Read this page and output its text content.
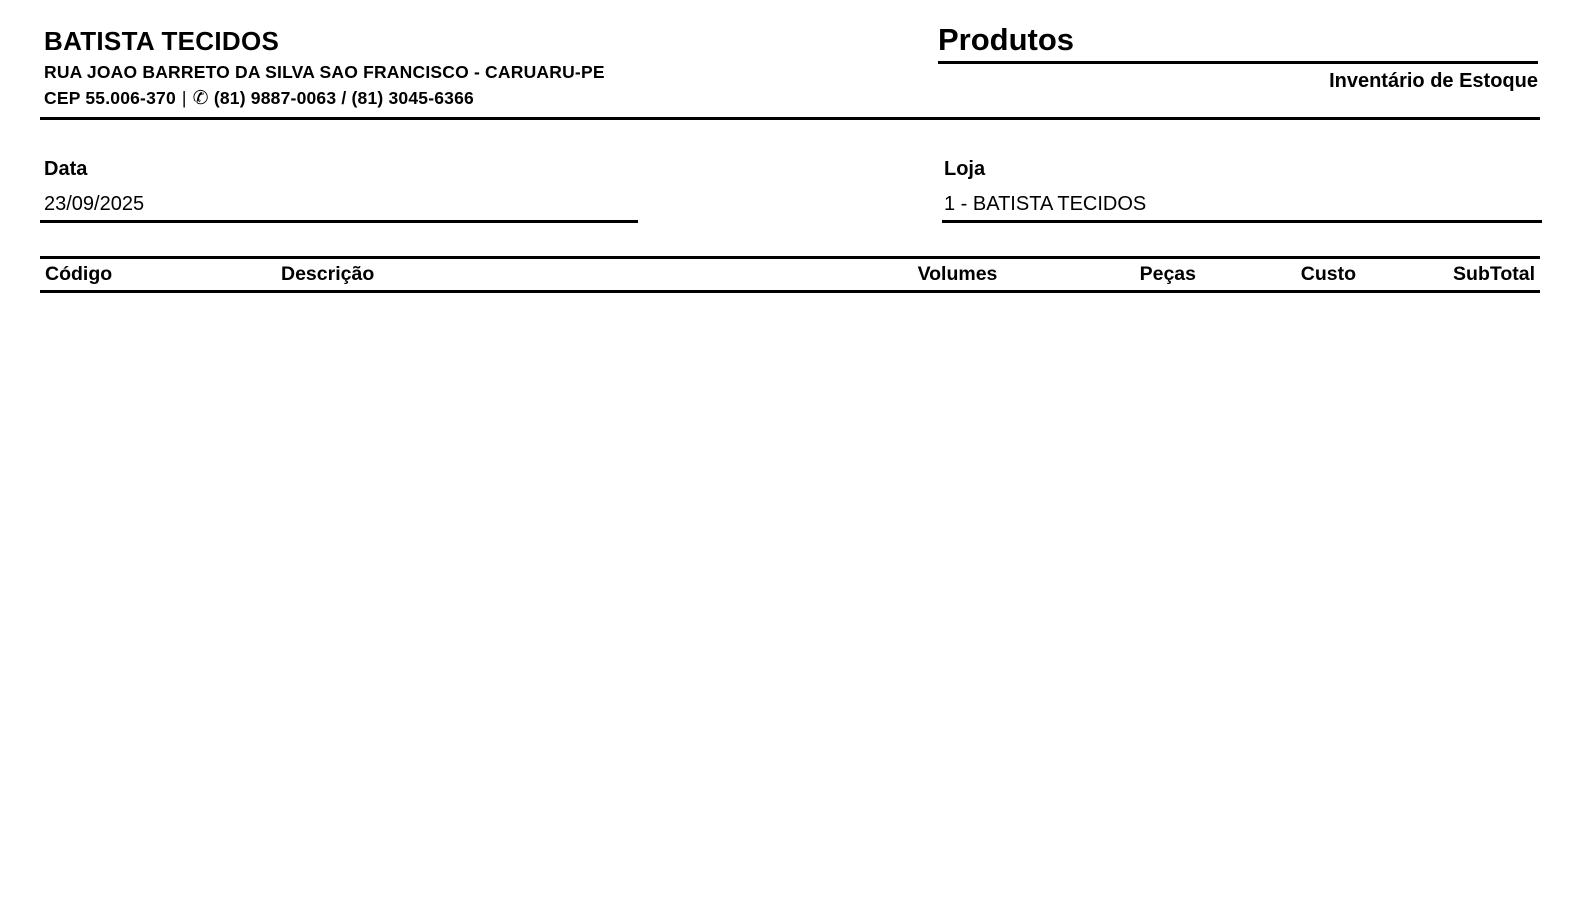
BATISTA TECIDOS
RUA JOAO BARRETO DA SILVA SAO FRANCISCO - CARUARU-PE
CEP 55.006-370 | ✆ (81) 9887-0063 / (81) 3045-6366
Produtos
Inventário de Estoque
Data
23/09/2025
Loja
1 - BATISTA TECIDOS
Código	Descrição	Volumes	Peças	Custo	SubTotal
